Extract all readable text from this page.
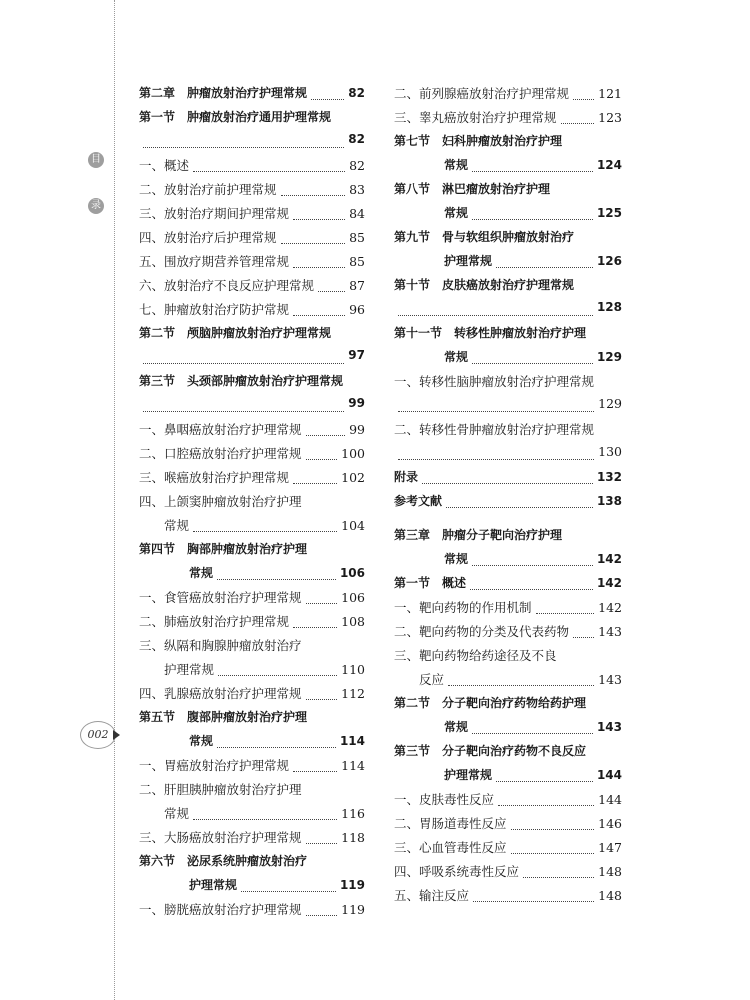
目
录
002
第二章　肿瘤放射治疗护理常规	82
第一节　肿瘤放射治疗通用护理常规
82
一、概述	82
二、放射治疗前护理常规	83
三、放射治疗期间护理常规	84
四、放射治疗后护理常规	85
五、围放疗期营养管理常规	85
六、放射治疗不良反应护理常规	87
七、肿瘤放射治疗防护常规	96
第二节　颅脑肿瘤放射治疗护理常规
97
第三节　头颈部肿瘤放射治疗护理常规
99
一、鼻咽癌放射治疗护理常规	99
二、口腔癌放射治疗护理常规	100
三、喉癌放射治疗护理常规	102
四、上颌窦肿瘤放射治疗护理
常规	104
第四节　胸部肿瘤放射治疗护理
常规	106
一、食管癌放射治疗护理常规	106
二、肺癌放射治疗护理常规	108
三、纵隔和胸腺肿瘤放射治疗
护理常规	110
四、乳腺癌放射治疗护理常规	112
第五节　腹部肿瘤放射治疗护理
常规	114
一、胃癌放射治疗护理常规	114
二、肝胆胰肿瘤放射治疗护理
常规	116
三、大肠癌放射治疗护理常规	118
第六节　泌尿系统肿瘤放射治疗
护理常规	119
一、膀胱癌放射治疗护理常规	119
二、前列腺癌放射治疗护理常规 121
三、睾丸癌放射治疗护理常规	123
第七节　妇科肿瘤放射治疗护理
常规	124
第八节　淋巴瘤放射治疗护理
常规	125
第九节　骨与软组织肿瘤放射治疗
护理常规	126
第十节　皮肤癌放射治疗护理常规
128
第十一节　转移性肿瘤放射治疗护理
常规	129
一、转移性脑肿瘤放射治疗护理常规
129
二、转移性骨肿瘤放射治疗护理常规
130
附录	132
参考文献	138
第三章　肿瘤分子靶向治疗护理
常规	142
第一节　概述	142
一、靶向药物的作用机制	142
二、靶向药物的分类及代表药物 143
三、靶向药物给药途径及不良
反应	143
第二节　分子靶向治疗药物给药护理
常规	143
第三节　分子靶向治疗药物不良反应
护理常规	144
一、皮肤毒性反应	144
二、胃肠道毒性反应	146
三、心血管毒性反应	147
四、呼吸系统毒性反应	148
五、输注反应	148
